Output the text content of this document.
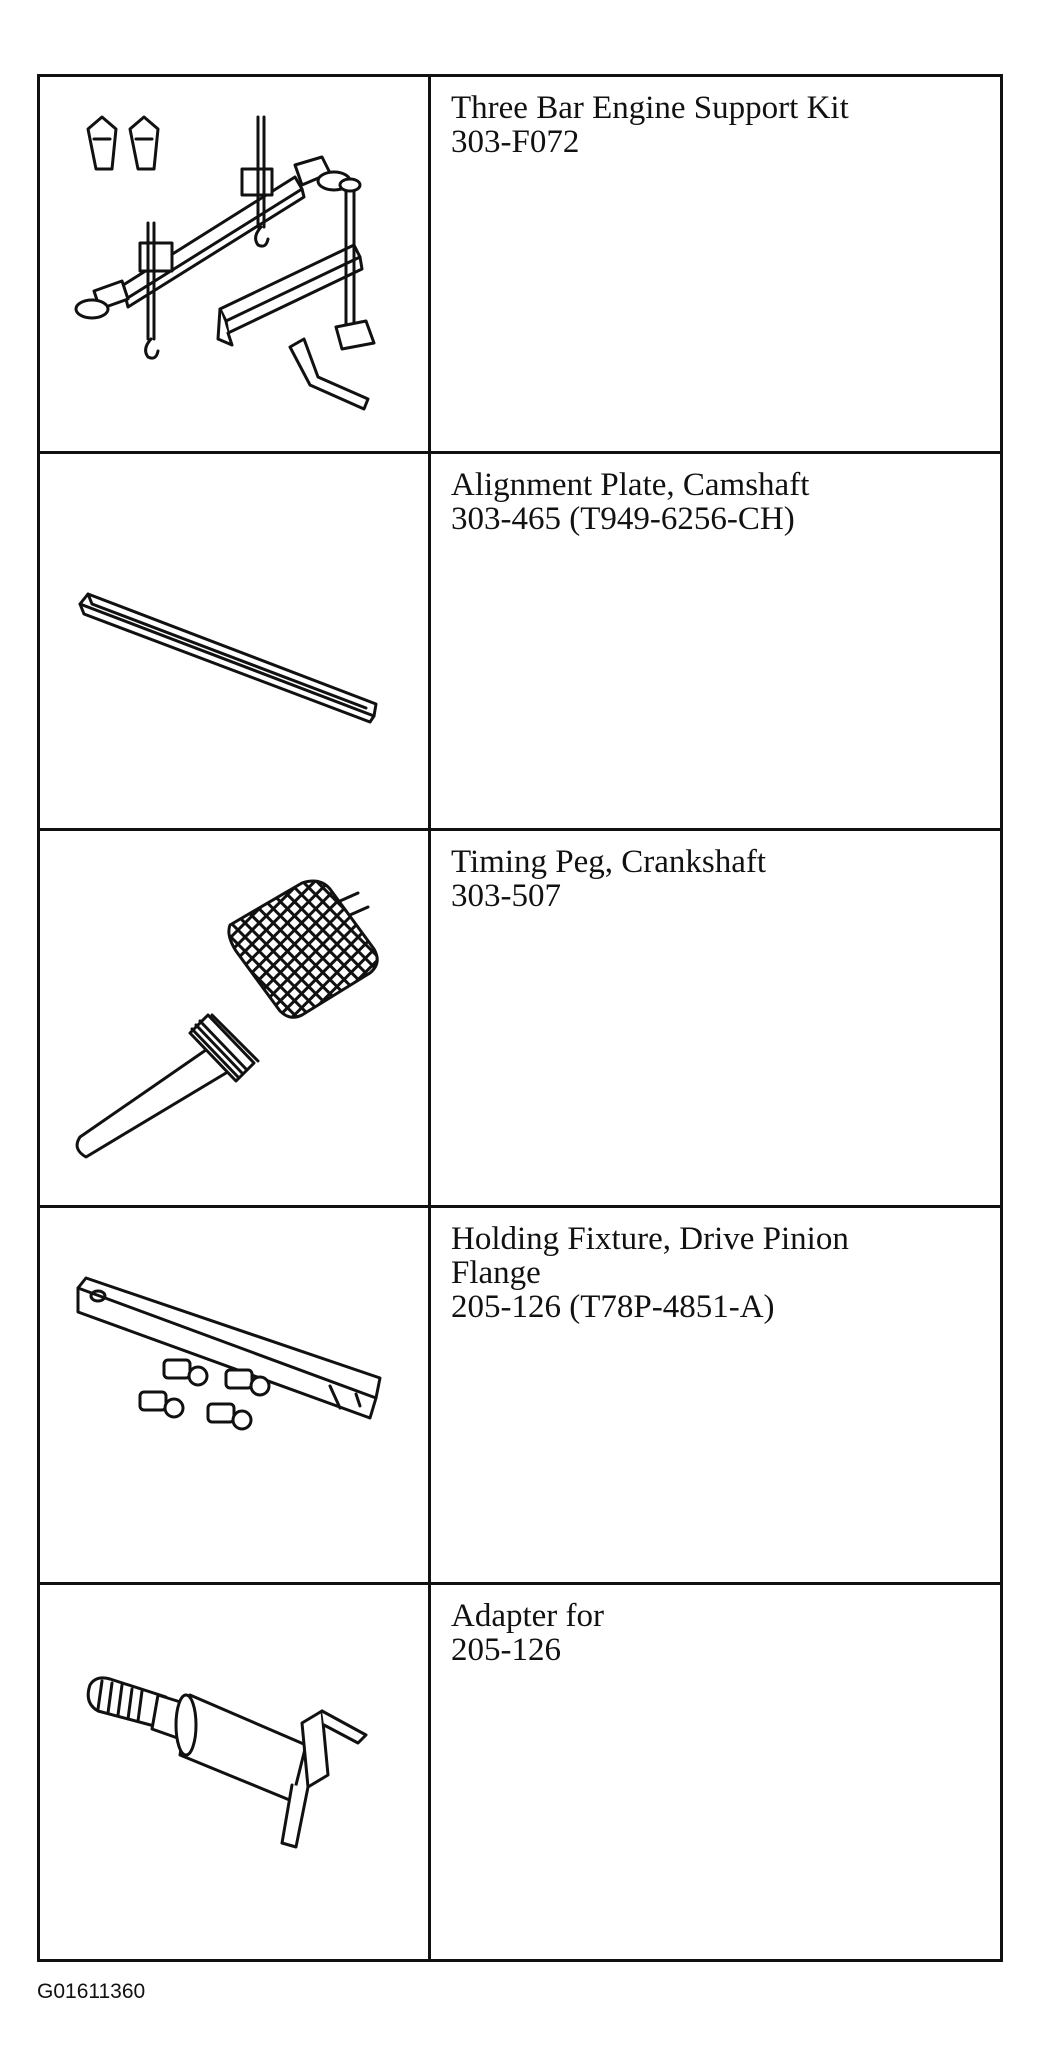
Three Bar Engine Support Kit
303-F072

Alignment Plate, Camshaft
303-465 (T949-6256-CH)

Timing Peg, Crankshaft
303-507

Holding Fixture, Drive Pinion
Flange
205-126 (T78P-4851-A)

Adapter for
205-126
G01611360
